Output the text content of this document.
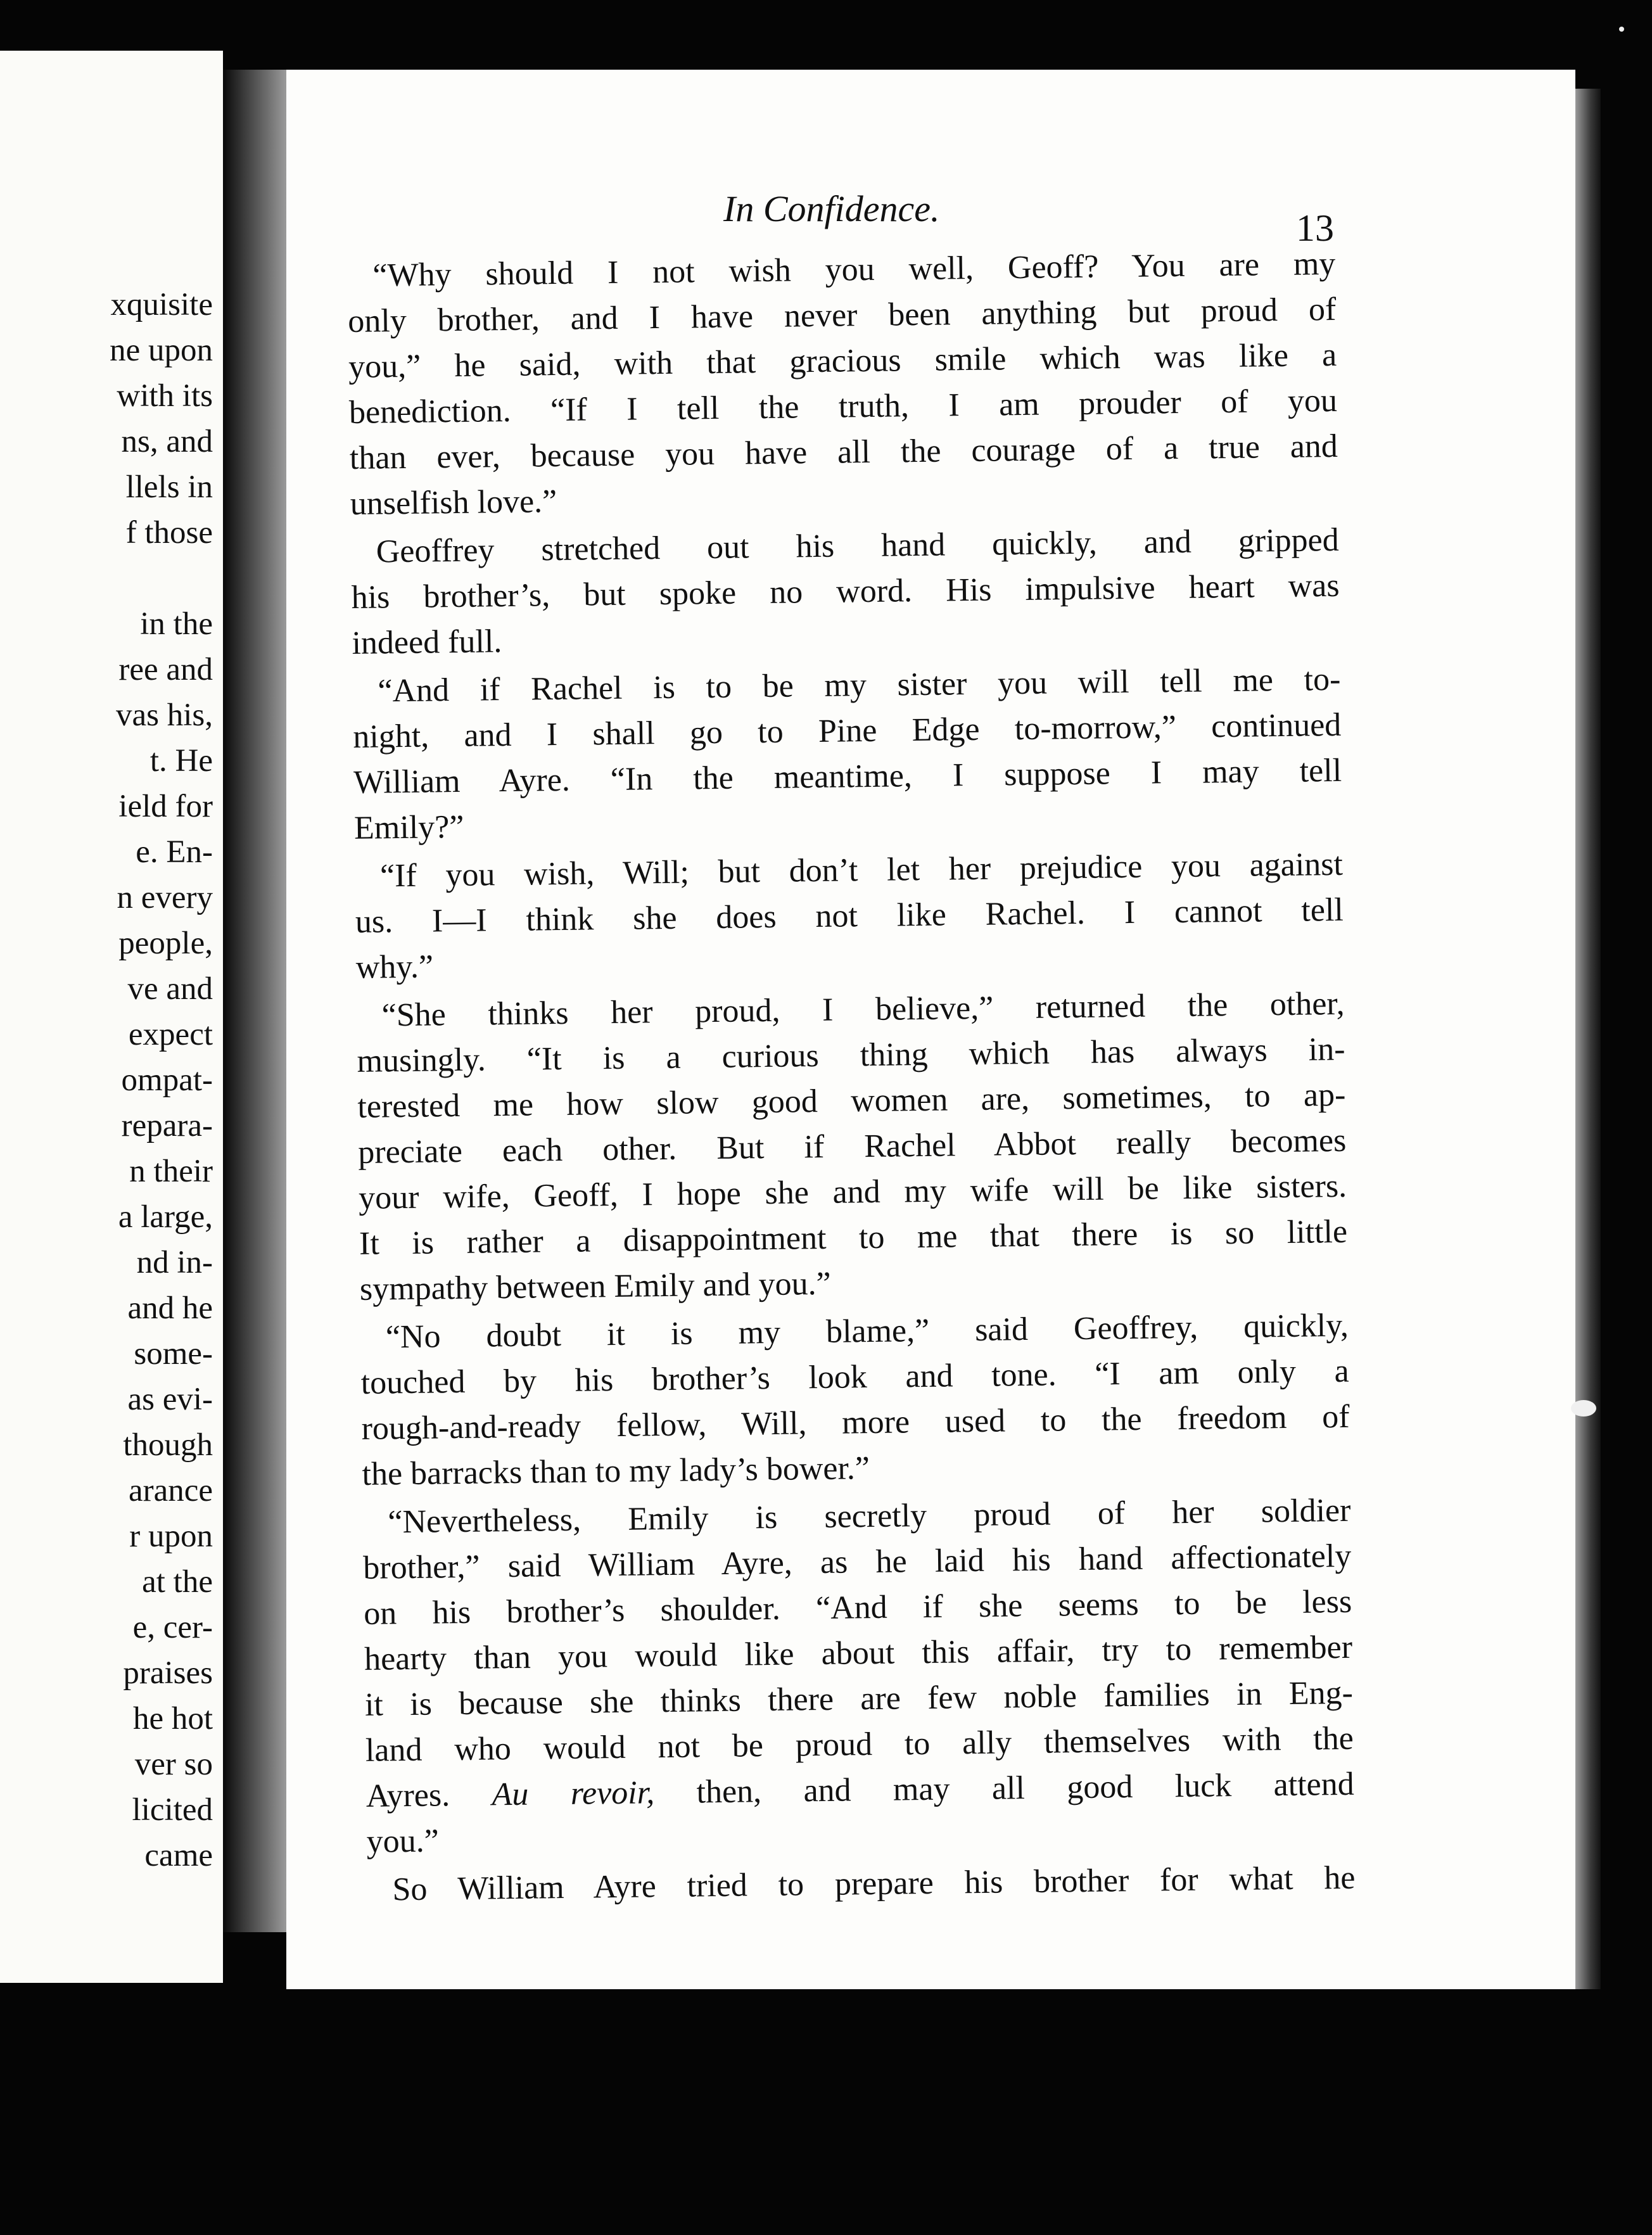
xquisite
ne upon
with its
ns, and
llels in
f those
in the
ree and
vas his,
t. He
ield for
e. En-
n every
people,
ve and
expect
ompat-
repara-
n their
a large,
nd in-
and he
some-
as evi-
though
arance
r upon
at the
e, cer-
praises
he hot
ver so
licited
came
In Confidence.	13
“Why should I not wish you well, Geoff? You are my
only brother, and I have never been anything but proud of
you,” he said, with that gracious smile which was like a
benediction. “If I tell the truth, I am prouder of you
than ever, because you have all the courage of a true and
unselfish love.”
Geoffrey stretched out his hand quickly, and gripped
his brother’s, but spoke no word. His impulsive heart was
indeed full.
“And if Rachel is to be my sister you will tell me to-
night, and I shall go to Pine Edge to-morrow,” continued
William Ayre. “In the meantime, I suppose I may tell
Emily?”
“If you wish, Will; but don’t let her prejudice you against
us. I—I think she does not like Rachel. I cannot tell
why.”
“She thinks her proud, I believe,” returned the other,
musingly. “It is a curious thing which has always in-
terested me how slow good women are, sometimes, to ap-
preciate each other. But if Rachel Abbot really becomes
your wife, Geoff, I hope she and my wife will be like sisters.
It is rather a disappointment to me that there is so little
sympathy between Emily and you.”
“No doubt it is my blame,” said Geoffrey, quickly,
touched by his brother’s look and tone. “I am only a
rough-and-ready fellow, Will, more used to the freedom of
the barracks than to my lady’s bower.”
“Nevertheless, Emily is secretly proud of her soldier
brother,” said William Ayre, as he laid his hand affectionately
on his brother’s shoulder. “And if she seems to be less
hearty than you would like about this affair, try to remember
it is because she thinks there are few noble families in Eng-
land who would not be proud to ally themselves with the
Ayres. Au revoir, then, and may all good luck attend
you.”
So William Ayre tried to prepare his brother for what he
